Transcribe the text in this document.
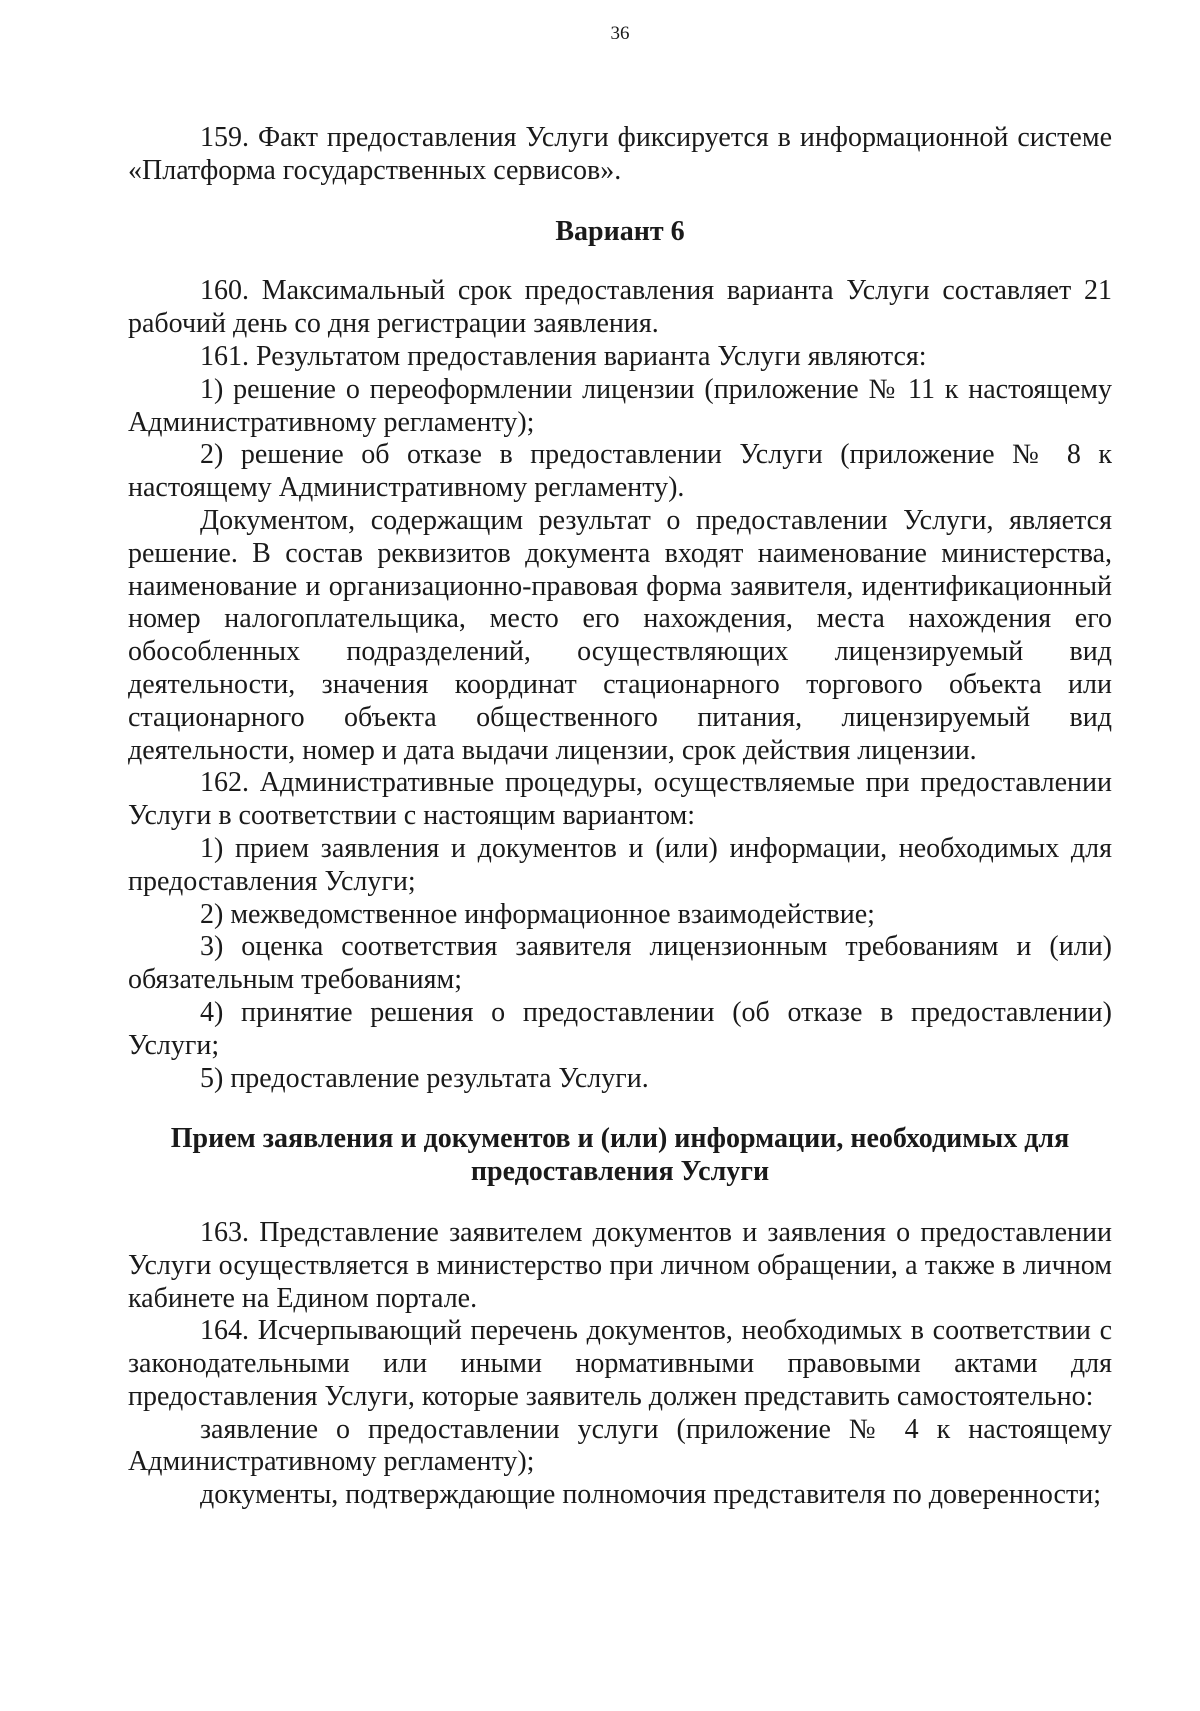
36

159. Факт предоставления Услуги фиксируется в информационной системе «Платформа государственных сервисов».

Вариант 6

160. Максимальный срок предоставления варианта Услуги составляет 21 рабочий день со дня регистрации заявления.

161. Результатом предоставления варианта Услуги являются:

1) решение о переоформлении лицензии (приложение № 11 к настоящему Административному регламенту);

2) решение об отказе в предоставлении Услуги (приложение № 8 к настоящему Административному регламенту).

Документом, содержащим результат о предоставлении Услуги, является решение. В состав реквизитов документа входят наименование министерства, наименование и организационно-правовая форма заявителя, идентификационный номер налогоплательщика, место его нахождения, места нахождения его обособленных подразделений, осуществляющих лицензируемый вид деятельности, значения координат стационарного торгового объекта или стационарного объекта общественного питания, лицензируемый вид деятельности, номер и дата выдачи лицензии, срок действия лицензии.

162. Административные процедуры, осуществляемые при предоставлении Услуги в соответствии с настоящим вариантом:

1) прием заявления и документов и (или) информации, необходимых для предоставления Услуги;

2) межведомственное информационное взаимодействие;

3) оценка соответствия заявителя лицензионным требованиям и (или) обязательным требованиям;

4) принятие решения о предоставлении (об отказе в предоставлении) Услуги;

5) предоставление результата Услуги.

Прием заявления и документов и (или) информации, необходимых для предоставления Услуги

163. Представление заявителем документов и заявления о предоставлении Услуги осуществляется в министерство при личном обращении, а также в личном кабинете на Едином портале.

164. Исчерпывающий перечень документов, необходимых в соответствии с законодательными или иными нормативными правовыми актами для предоставления Услуги, которые заявитель должен представить самостоятельно:

заявление о предоставлении услуги (приложение № 4 к настоящему Административному регламенту);

документы, подтверждающие полномочия представителя по доверенности;
